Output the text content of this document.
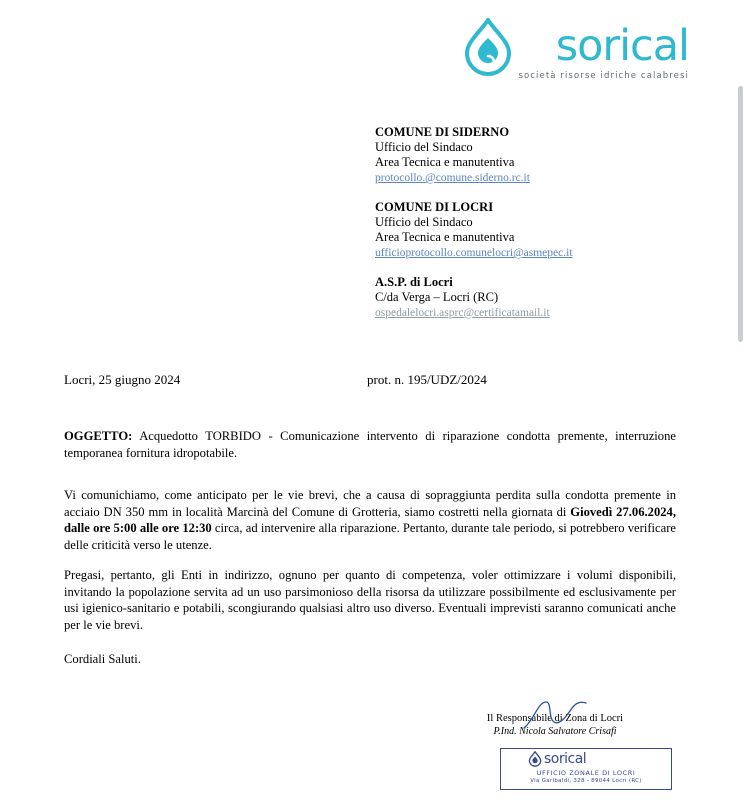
sorical
società risorse idriche calabresi
COMUNE DI SIDERNO
Ufficio del Sindaco
Area Tecnica e manutentiva
protocollo.@comune.siderno.rc.it
COMUNE DI LOCRI
Ufficio del Sindaco
Area Tecnica e manutentiva
ufficioprotocollo.comunelocri@asmepec.it
A.S.P. di Locri
C/da Verga – Locri (RC)
ospedalelocri.asprc@certificatamail.it
Locri, 25 giugno 2024	prot. n. 195/UDZ/2024
OGGETTO: Acquedotto TORBIDO - Comunicazione intervento di riparazione condotta premente, interruzione temporanea fornitura idropotabile.
Vi comunichiamo, come anticipato per le vie brevi, che a causa di sopraggiunta perdita sulla condotta premente in acciaio DN 350 mm in località Marcinà del Comune di Grotteria, siamo costretti nella giornata di Giovedì 27.06.2024, dalle ore 5:00 alle ore 12:30 circa, ad intervenire alla riparazione. Pertanto, durante tale periodo, si potrebbero verificare delle criticità verso le utenze.
Pregasi, pertanto, gli Enti in indirizzo, ognuno per quanto di competenza, voler ottimizzare i volumi disponibili, invitando la popolazione servita ad un uso parsimonioso della risorsa da utilizzare possibilmente ed esclusivamente per usi igienico-sanitario e potabili, scongiurando qualsiasi altro uso diverso. Eventuali imprevisti saranno comunicati anche per le vie brevi.
Cordiali Saluti.
Il Responsabile di Zona di Locri
P.Ind. Nicola Salvatore Crisafi
sorical
UFFICIO ZONALE DI LOCRI
Via Garibaldi, 328 - 89044 Locri (RC)
